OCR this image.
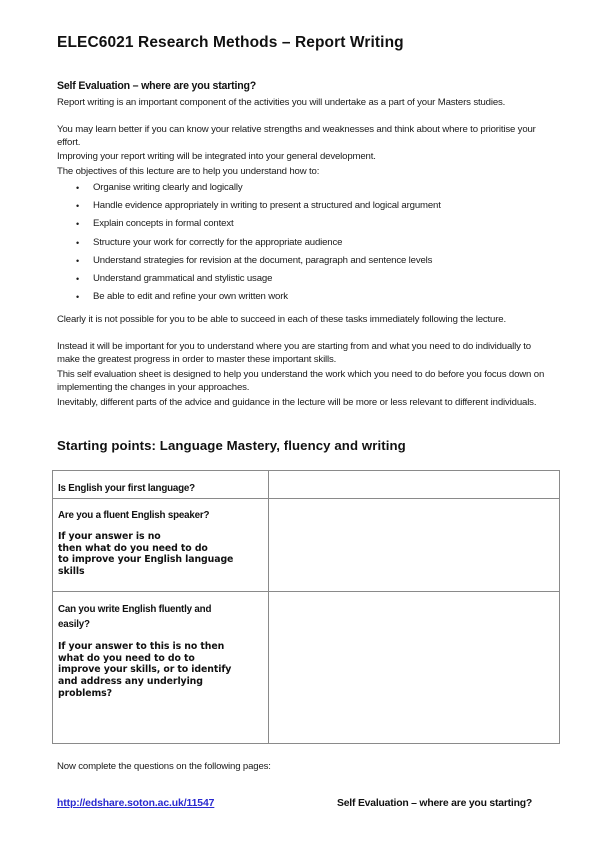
ELEC6021 Research Methods – Report Writing
Self Evaluation – where are you starting?

Report writing is an important component of the activities you will undertake as a part of your Masters studies.

You may learn better if you can know your relative strengths and weaknesses and think about where to prioritise your effort.

Improving your report writing will be integrated into your general development.

The objectives of this lecture are to help you understand how to:

• Organise writing clearly and logically
• Handle evidence appropriately in writing to present a structured and logical argument
• Explain concepts in formal context
• Structure your work for correctly for the appropriate audience
• Understand strategies for revision at the document, paragraph and sentence levels
• Understand grammatical and stylistic usage
• Be able to edit and refine your own written work

Clearly it is not possible for you to be able to succeed in each of these tasks immediately following the lecture.

Instead it will be important for you to understand where you are starting from and what you need to do individually to make the greatest progress in order to master these important skills.

This self evaluation sheet is designed to help you understand the work which you need to do before you focus down on implementing the changes in your approaches.

Inevitably, different parts of the advice and guidance in the lecture will be more or less relevant to different individuals.

Starting points: Language Mastery, fluency and writing

Is English your first language?

Are you a fluent English speaker?

If your answer is no

then what do you need to do

to improve your English language

skills

Can you write English fluently and

easily?

If your answer to this is no then

what do you need to do to

improve your skills, or to identify

and address any underlying

problems?

Now complete the questions on the following pages:

http://edshare.soton.ac.uk/11547	Self Evaluation – where are you starting?
